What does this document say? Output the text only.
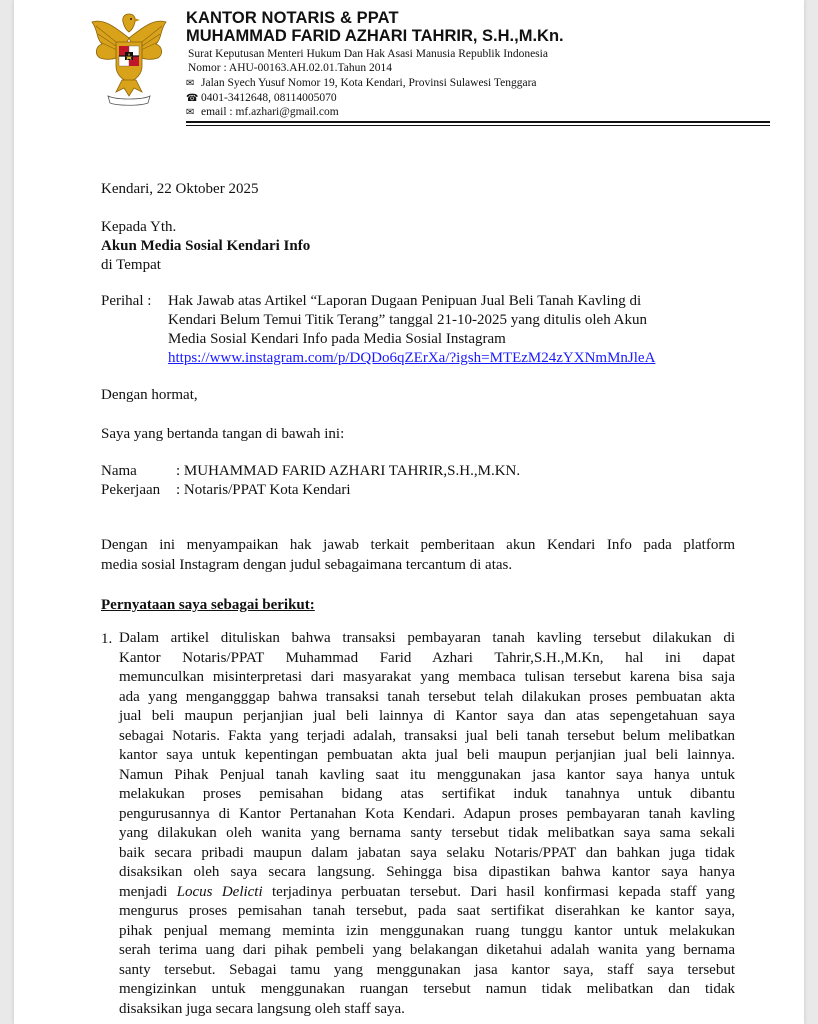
KANTOR NOTARIS & PPAT
MUHAMMAD FARID AZHARI TAHRIR, S.H.,M.Kn.
Surat Keputusan Menteri Hukum Dan Hak Asasi Manusia Republik Indonesia
Nomor : AHU-00163.AH.02.01.Tahun 2014
✉ Jalan Syech Yusuf Nomor 19, Kota Kendari, Provinsi Sulawesi Tenggara
☎ 0401-3412648, 08114005070
✉ email : mf.azhari@gmail.com
Kendari, 22 Oktober 2025
Kepada Yth.
Akun Media Sosial Kendari Info
di Tempat
Perihal : Hak Jawab atas Artikel “Laporan Dugaan Penipuan Jual Beli Tanah Kavling di
Kendari Belum Temui Titik Terang” tanggal 21-10-2025 yang ditulis oleh Akun
Media Sosial Kendari Info pada Media Sosial Instagram
https://www.instagram.com/p/DQDo6qZErXa/?igsh=MTEzM24zYXNmMnJleA
Dengan hormat,
Saya yang bertanda tangan di bawah ini:
Nama	: MUHAMMAD FARID AZHARI TAHRIR,S.H.,M.KN.
Pekerjaan : Notaris/PPAT Kota Kendari
Dengan ini menyampaikan hak jawab terkait pemberitaan akun Kendari Info pada platform
media sosial Instagram dengan judul sebagaimana tercantum di atas.
Pernyataan saya sebagai berikut:
1. Dalam artikel dituliskan bahwa transaksi pembayaran tanah kavling tersebut dilakukan di
Kantor Notaris/PPAT Muhammad Farid Azhari Tahrir,S.H.,M.Kn, hal ini dapat
memunculkan misinterpretasi dari masyarakat yang membaca tulisan tersebut karena bisa saja
ada yang mengangggap bahwa transaksi tanah tersebut telah dilakukan proses pembuatan akta
jual beli maupun perjanjian jual beli lainnya di Kantor saya dan atas sepengetahuan saya
sebagai Notaris. Fakta yang terjadi adalah, transaksi jual beli tanah tersebut belum melibatkan
kantor saya untuk kepentingan pembuatan akta jual beli maupun perjanjian jual beli lainnya.
Namun Pihak Penjual tanah kavling saat itu menggunakan jasa kantor saya hanya untuk
melakukan proses pemisahan bidang atas sertifikat induk tanahnya untuk dibantu
pengurusannya di Kantor Pertanahan Kota Kendari. Adapun proses pembayaran tanah kavling
yang dilakukan oleh wanita yang bernama santy tersebut tidak melibatkan saya sama sekali
baik secara pribadi maupun dalam jabatan saya selaku Notaris/PPAT dan bahkan juga tidak
disaksikan oleh saya secara langsung. Sehingga bisa dipastikan bahwa kantor saya hanya
menjadi Locus Delicti terjadinya perbuatan tersebut. Dari hasil konfirmasi kepada staff yang
mengurus proses pemisahan tanah tersebut, pada saat sertifikat diserahkan ke kantor saya,
pihak penjual memang meminta izin menggunakan ruang tunggu kantor untuk melakukan
serah terima uang dari pihak pembeli yang belakangan diketahui adalah wanita yang bernama
santy tersebut. Sebagai tamu yang menggunakan jasa kantor saya, staff saya tersebut
mengizinkan untuk menggunakan ruangan tersebut namun tidak melibatkan dan tidak
disaksikan juga secara langsung oleh staff saya.
